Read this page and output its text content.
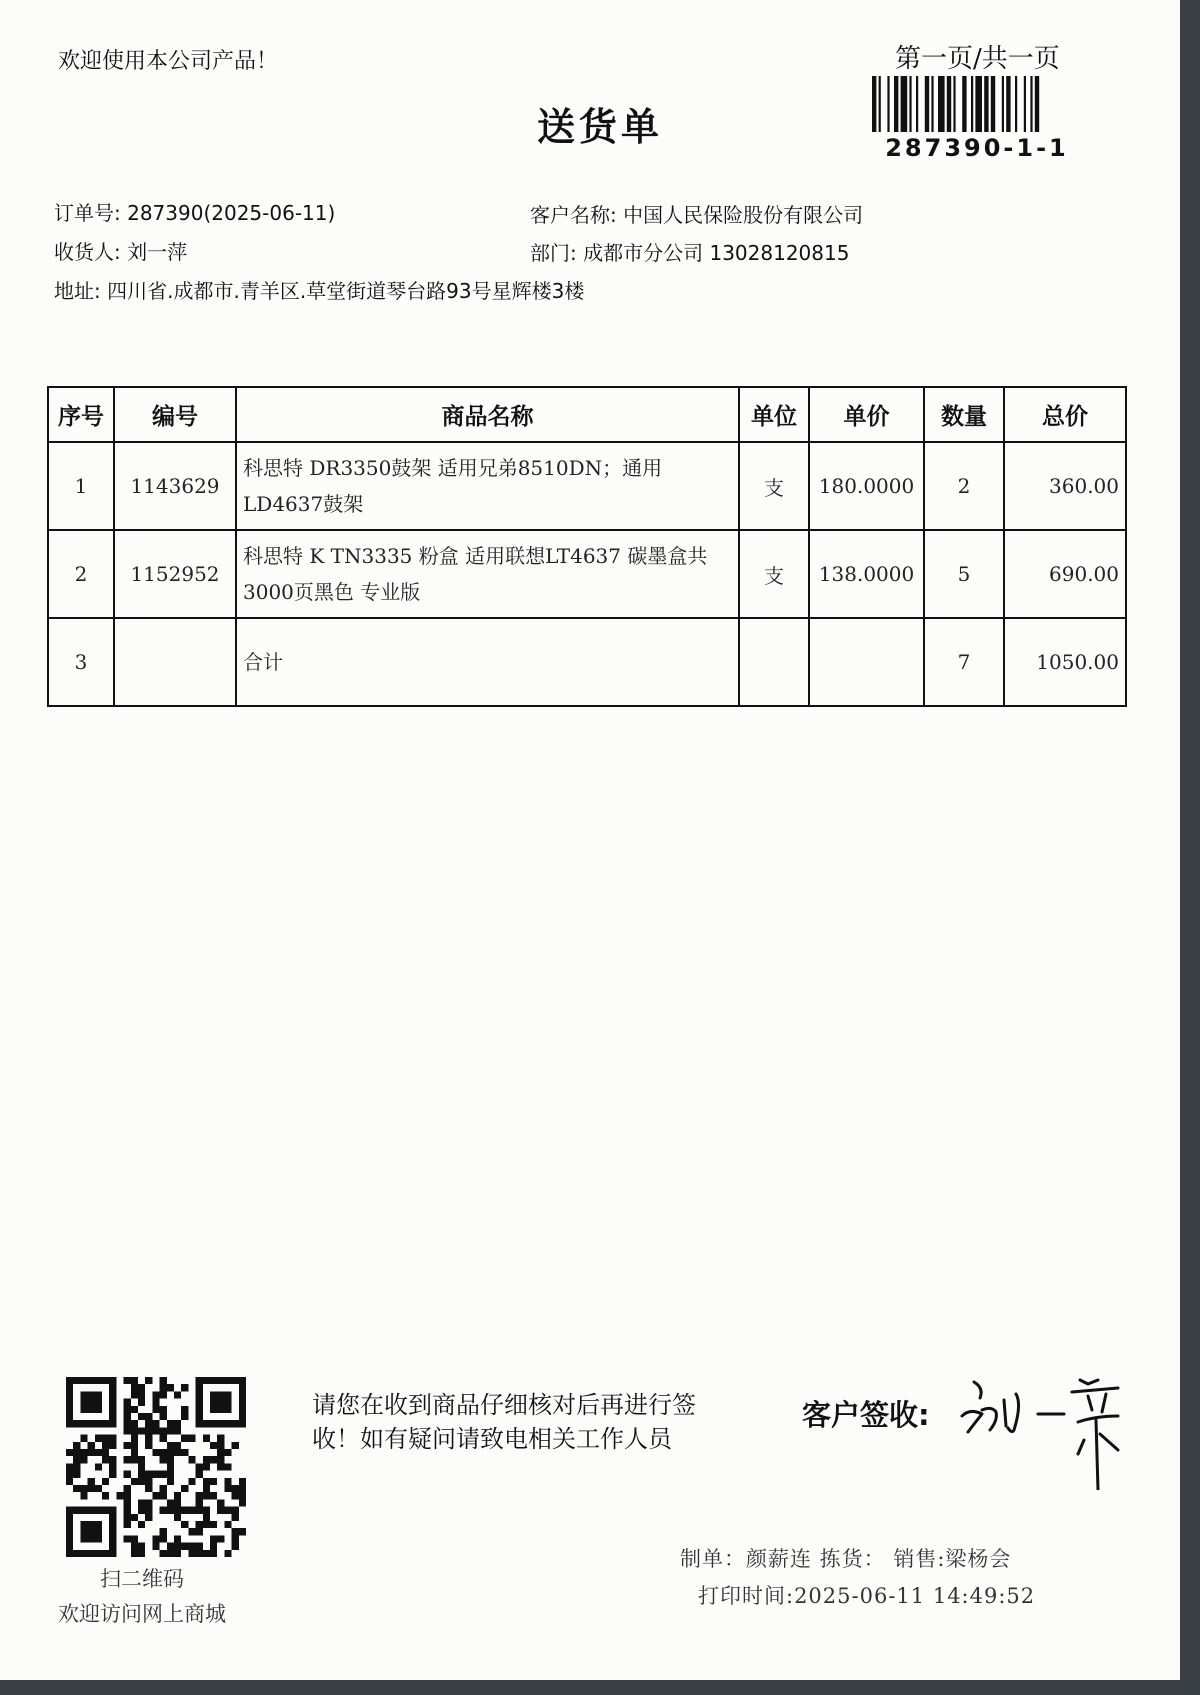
欢迎使用本公司产品！	第一页/共一页
送货单	287390-1-1
订单号: 287390(2025-06-11)	客户名称: 中国人民保险股份有限公司
收货人: 刘一萍	部门: 成都市分公司 13028120815
地址: 四川省.成都市.青羊区.草堂街道琴台路93号星辉楼3楼
序号	编号	商品名称	单位	单价	数量	总价
1	1143629	科思特 DR3350鼓架 适用兄弟8510DN；通用LD4637鼓架	支	180.0000	2	360.00
2	1152952	科思特 K TN3335 粉盒 适用联想LT4637 碳墨盒共3000页黑色 专业版	支	138.0000	5	690.00
3		合计			7	1050.00
扫二维码
欢迎访问网上商城
请您在收到商品仔细核对后再进行签收！如有疑问请致电相关工作人员
客户签收:
制单：颜薪连 拣货： 销售:梁杨会
打印时间:2025-06-11 14:49:52
